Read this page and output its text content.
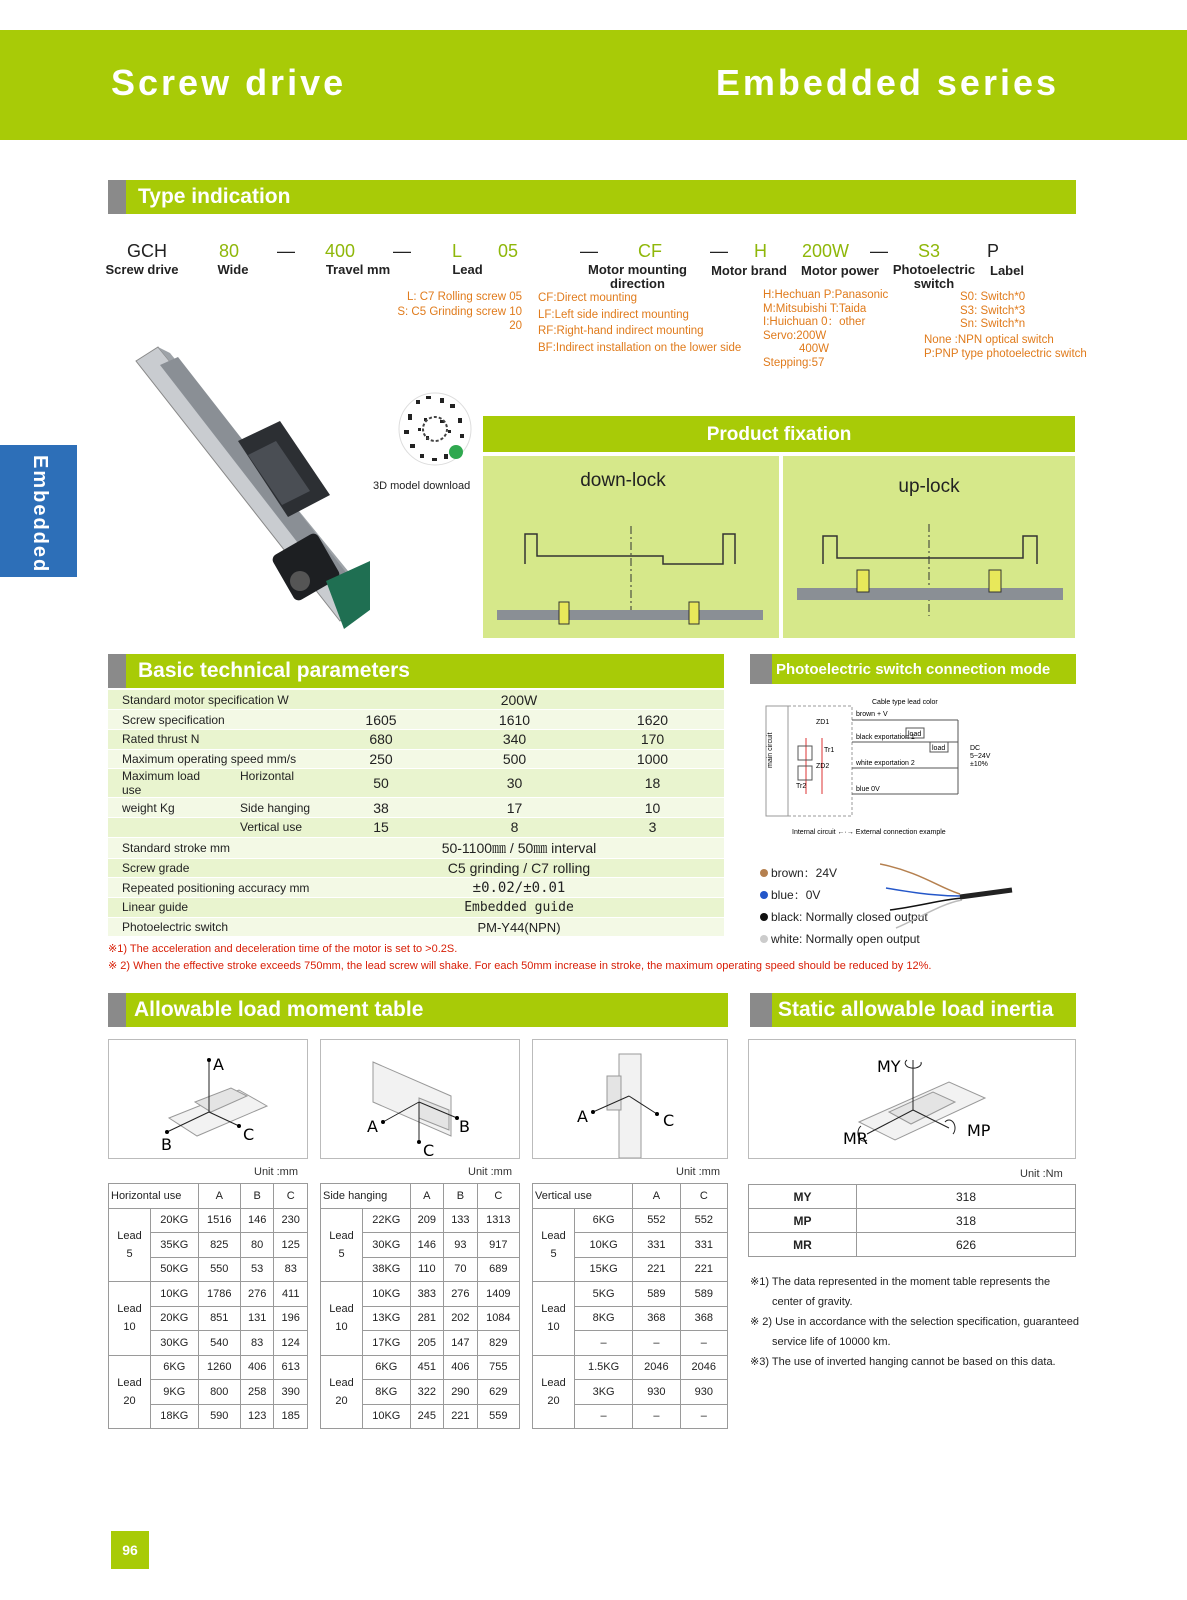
Screw drive	Embedded series
Embedded
Type indication
GCH	80 — 400 — L 05	— CF	— H 200W — S3	P
Screw drive	Wide	Travel mm	Lead	Motor mounting direction
Motor brand	Motor power	Photoelectric switch
Label
L: C7 Rolling screw 05
S: C5 Grinding screw 10
20
CF:Direct mounting
LF:Left side indirect mounting
RF:Right-hand indirect mounting
BF:Indirect installation on the lower side
H:Hechuan P:Panasonic
M:Mitsubishi T:Taida
I:Huichuan 0：other
Servo:200W
400W
Stepping:57
S0: Switch*0
S3: Switch*3
Sn: Switch*n
None :NPN optical switch
P:PNP type photoelectric switch
3D model download
Product fixation
down-lock	up-lock
Basic technical parameters
Standard motor specification W	200W		
Screw specification	1605	1610	1620
Rated thrust N	680	340	170
Maximum operating speed mm/s	250	500	1000
Maximum load Horizontal use	50	30	18
weight Kg Side hanging	38	17	10
Vertical use	15	8	3
Standard stroke mm	50-1100㎜ / 50㎜ interval		
Screw grade	C5 grinding / C7 rolling		
Repeated positioning accuracy mm	±0.02/±0.01		
Linear guide	Embedded guide		
Photoelectric switch	PM-Y44(NPN)		
Photoelectric switch connection mode
main circuit
Cable type lead color
brown + V
black exportation 1
white exportation 2
blue 0V
ZD1
ZD2
Tr1
Tr2
load
load	DC
5~24V
±10%
Internal circuit ←·→ External connection example
brown：24V
blue：0V
black: Normally closed output
white: Normally open output
※1) The acceleration and deceleration time of the motor is set to >0.2S.
※ 2) When the effective stroke exceeds 750mm, the lead screw will shake. For each 50mm increase in stroke, the maximum operating speed should be reduced by 12%.
Allowable load moment table	Static allowable load inertia
A
B
C	A	B
C
A	C
Unit :mm	Unit :mm	Unit :mm
Horizontal use		A	B	C

Lead
5	20KG	1516	146	230
	35KG	825	80	125
	50KG	550	53	83

Lead
10	10KG	1786	276	411
	20KG	851	131	196
	30KG	540	83	124

Lead
20	6KG	1260	406	613
	9KG	800	258	390
	18KG	590	123	185
Side hanging		A	B	C

Lead
5	22KG	209	133	1313
	30KG	146	93	917
	38KG	110	70	689

Lead
10	10KG	383	276	1409
	13KG	281	202	1084
	17KG	205	147	829

Lead
20	6KG	451	406	755
	8KG	322	290	629
	10KG	245	221	559
Vertical use		A	C

Lead
5	6KG	552	552
	10KG	331	331
	15KG	221	221

Lead
10	5KG	589	589
	8KG	368	368
	–	–	–

Lead
20	1.5KG	2046	2046
	3KG	930	930
	–	–	–
MY
MR	MP
Unit :Nm
MY	318
MP	318
MR	626
※1) The data represented in the moment table represents the
center of gravity.
※ 2) Use in accordance with the selection specification, guaranteed
service life of 10000 km.
※3) The use of inverted hanging cannot be based on this data.
96
